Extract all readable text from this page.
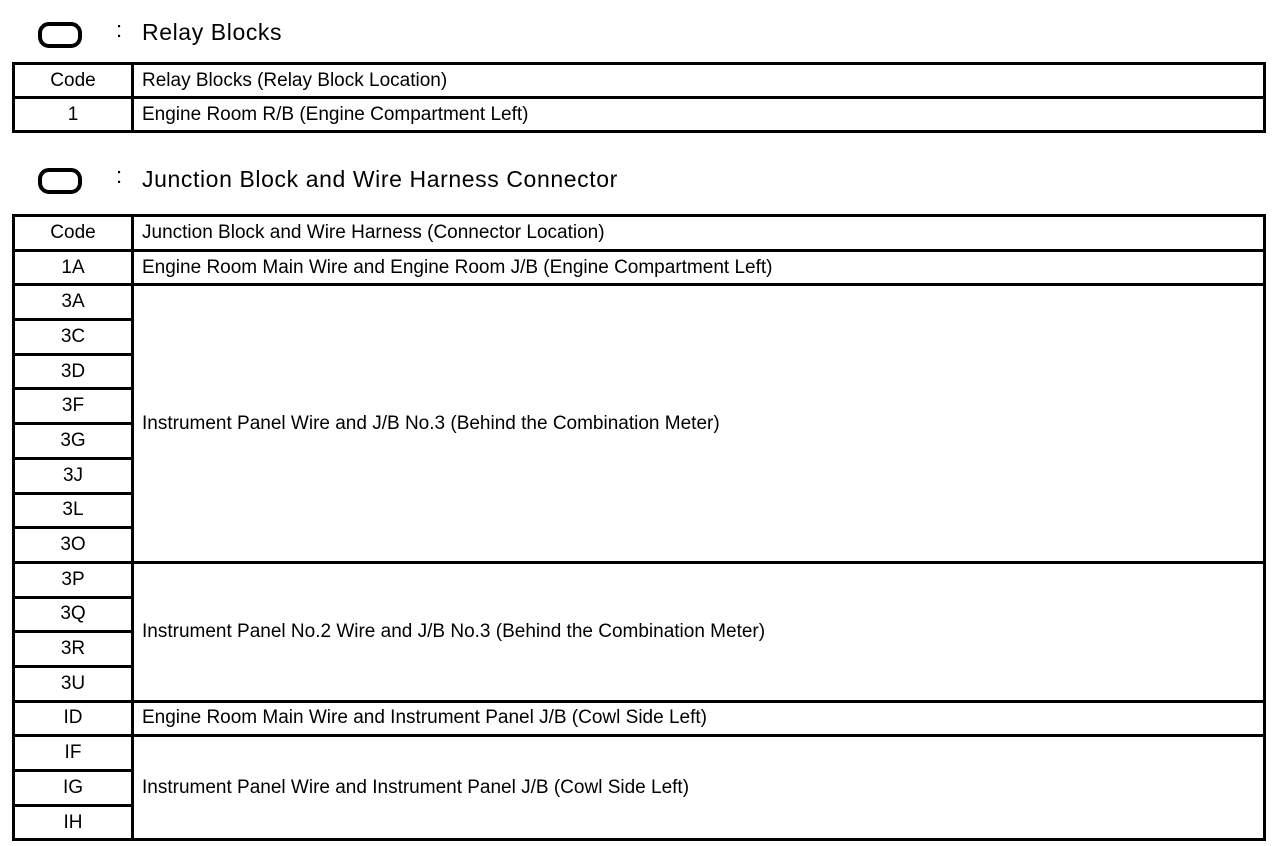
: Relay Blocks
Code	Relay Blocks (Relay Block Location)
1	Engine Room R/B (Engine Compartment Left)
: Junction Block and Wire Harness Connector
Code	Junction Block and Wire Harness (Connector Location)
1A	Engine Room Main Wire and Engine Room J/B (Engine Compartment Left)
3A	Instrument Panel Wire and J/B No.3 (Behind the Combination Meter)
3C	
3D	
3F	
3G	
3J	
3L	
3O	
3P	Instrument Panel No.2 Wire and J/B No.3 (Behind the Combination Meter)
3Q	
3R	
3U	
ID	Engine Room Main Wire and Instrument Panel J/B (Cowl Side Left)
IF	Instrument Panel Wire and Instrument Panel J/B (Cowl Side Left)
IG	
IH	
